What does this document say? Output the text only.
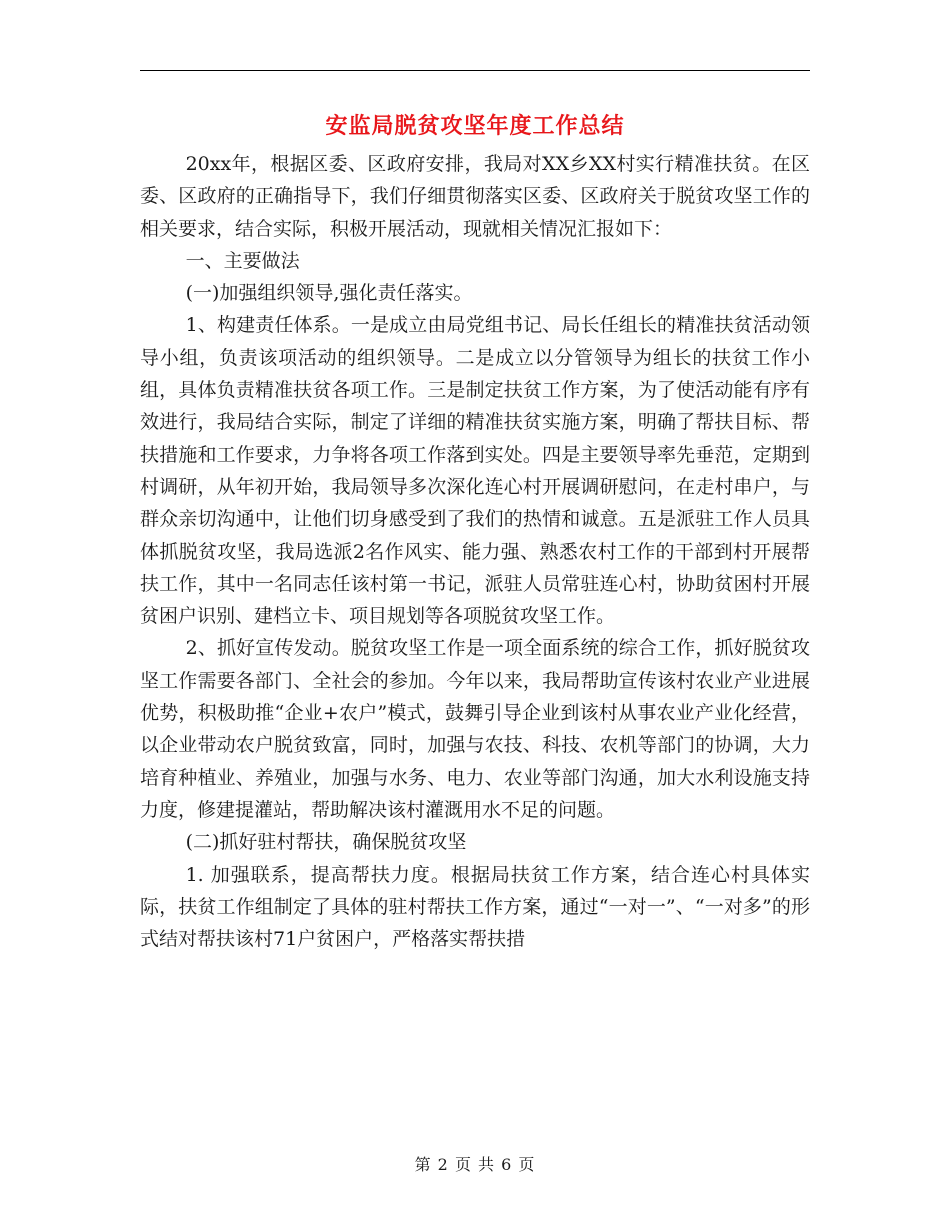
安监局脱贫攻坚年度工作总结

20xx年，根据区委、区政府安排，我局对XX乡XX村实行精准扶贫。在区委、区政府的正确指导下，我们仔细贯彻落实区委、区政府关于脱贫攻坚工作的相关要求，结合实际，积极开展活动，现就相关情况汇报如下：

一、主要做法

(一)加强组织领导,强化责任落实。

1、构建责任体系。一是成立由局党组书记、局长任组长的精准扶贫活动领导小组，负责该项活动的组织领导。二是成立以分管领导为组长的扶贫工作小组，具体负责精准扶贫各项工作。三是制定扶贫工作方案，为了使活动能有序有效进行，我局结合实际，制定了详细的精准扶贫实施方案，明确了帮扶目标、帮扶措施和工作要求，力争将各项工作落到实处。四是主要领导率先垂范，定期到村调研，从年初开始，我局领导多次深化连心村开展调研慰问，在走村串户，与群众亲切沟通中，让他们切身感受到了我们的热情和诚意。五是派驻工作人员具体抓脱贫攻坚，我局选派2名作风实、能力强、熟悉农村工作的干部到村开展帮扶工作，其中一名同志任该村第一书记，派驻人员常驻连心村，协助贫困村开展贫困户识别、建档立卡、项目规划等各项脱贫攻坚工作。

2、抓好宣传发动。脱贫攻坚工作是一项全面系统的综合工作，抓好脱贫攻坚工作需要各部门、全社会的参加。今年以来，我局帮助宣传该村农业产业进展优势，积极助推“企业+农户”模式，鼓舞引导企业到该村从事农业产业化经营，以企业带动农户脱贫致富，同时，加强与农技、科技、农机等部门的协调，大力培育种植业、养殖业，加强与水务、电力、农业等部门沟通，加大水利设施支持力度，修建提灌站，帮助解决该村灌溉用水不足的问题。

(二)抓好驻村帮扶，确保脱贫攻坚

1. 加强联系，提高帮扶力度。根据局扶贫工作方案，结合连心村具体实际，扶贫工作组制定了具体的驻村帮扶工作方案，通过“一对一”、“一对多”的形式结对帮扶该村71户贫困户，严格落实帮扶措

第 2 页 共 6 页
